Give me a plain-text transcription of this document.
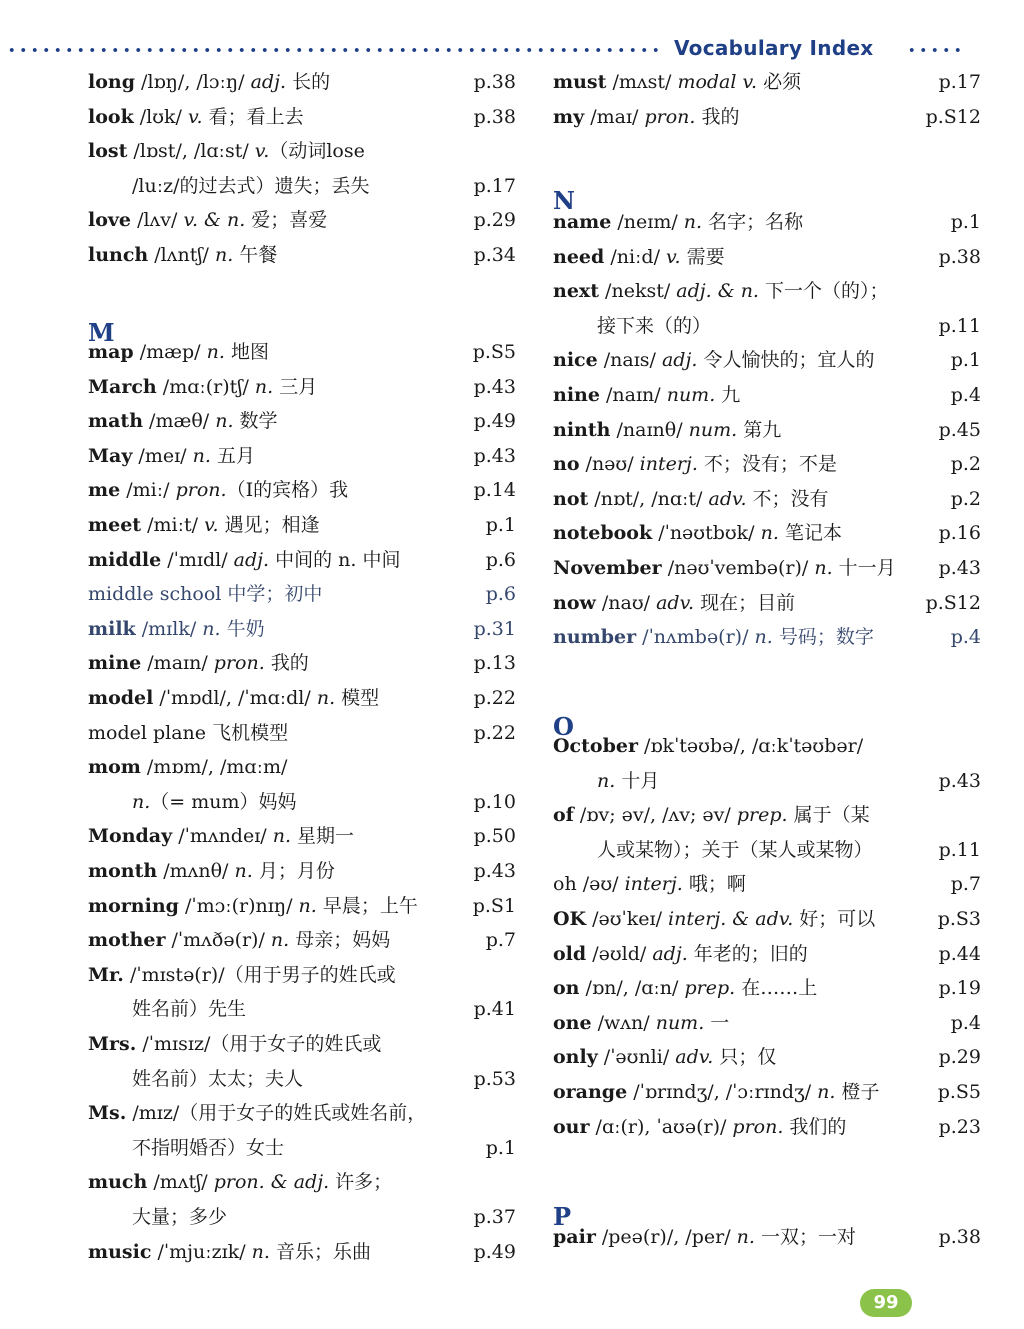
Vocabulary Index
long /lɒŋ/, /lɔːŋ/ adj. 长的	p.38
look /lʊk/ v. 看；看上去	p.38
lost /lɒst/, /lɑːst/ v.（动词lose
/luːz/的过去式）遗失；丢失	p.17
love /lʌv/ v. & n. 爱；喜爱	p.29
lunch /lʌntʃ/ n. 午餐	p.34
M
map /mæp/ n. 地图	p.S5
March /mɑː(r)tʃ/ n. 三月	p.43
math /mæθ/ n. 数学	p.49
May /meɪ/ n. 五月	p.43
me /miː/ pron.（I的宾格）我	p.14
meet /miːt/ v. 遇见；相逢	p.1
middle /ˈmɪdl/ adj. 中间的 n. 中间	p.6
middle school 中学；初中	p.6
milk /mɪlk/ n. 牛奶	p.31
mine /maɪn/ pron. 我的	p.13
model /ˈmɒdl/, /ˈmɑːdl/ n. 模型	p.22
model plane 飞机模型	p.22
mom /mɒm/, /mɑːm/
n.（= mum）妈妈	p.10
Monday /ˈmʌndeɪ/ n. 星期一	p.50
month /mʌnθ/ n. 月；月份	p.43
morning /ˈmɔː(r)nɪŋ/ n. 早晨；上午	p.S1
mother /ˈmʌðə(r)/ n. 母亲；妈妈	p.7
Mr. /ˈmɪstə(r)/（用于男子的姓氏或
姓名前）先生	p.41
Mrs. /ˈmɪsɪz/（用于女子的姓氏或
姓名前）太太；夫人	p.53
Ms. /mɪz/（用于女子的姓氏或姓名前，
不指明婚否）女士	p.1
much /mʌtʃ/ pron. & adj. 许多；
大量；多少	p.37
music /ˈmjuːzɪk/ n. 音乐；乐曲	p.49
must /mʌst/ modal v. 必须	p.17
my /maɪ/ pron. 我的	p.S12
N
name /neɪm/ n. 名字；名称	p.1
need /niːd/ v. 需要	p.38
next /nekst/ adj. & n. 下一个（的）；
接下来（的）	p.11
nice /naɪs/ adj. 令人愉快的；宜人的	p.1
nine /naɪn/ num. 九	p.4
ninth /naɪnθ/ num. 第九	p.45
no /nəʊ/ interj. 不；没有；不是	p.2
not /nɒt/, /nɑːt/ adv. 不；没有	p.2
notebook /ˈnəʊtbʊk/ n. 笔记本	p.16
November /nəʊˈvembə(r)/ n. 十一月 p.43
now /naʊ/ adv. 现在；目前	p.S12
number /ˈnʌmbə(r)/ n. 号码；数字	p.4
O
October /ɒkˈtəʊbə/, /ɑːkˈtəʊbər/
n. 十月	p.43
of /ɒv; əv/, /ʌv; əv/ prep. 属于（某
人或某物）；关于（某人或某物）	p.11
oh /əʊ/ interj. 哦；啊	p.7
OK /əʊˈkeɪ/ interj. & adv. 好；可以	p.S3
old /əʊld/ adj. 年老的；旧的	p.44
on /ɒn/, /ɑːn/ prep. 在……上	p.19
one /wʌn/ num. 一	p.4
only /ˈəʊnli/ adv. 只；仅	p.29
orange /ˈɒrɪndʒ/, /ˈɔːrɪndʒ/ n. 橙子	p.S5
our /ɑː(r), ˈaʊə(r)/ pron. 我们的	p.23
P
pair /peə(r)/, /per/ n. 一双；一对	p.38
99
